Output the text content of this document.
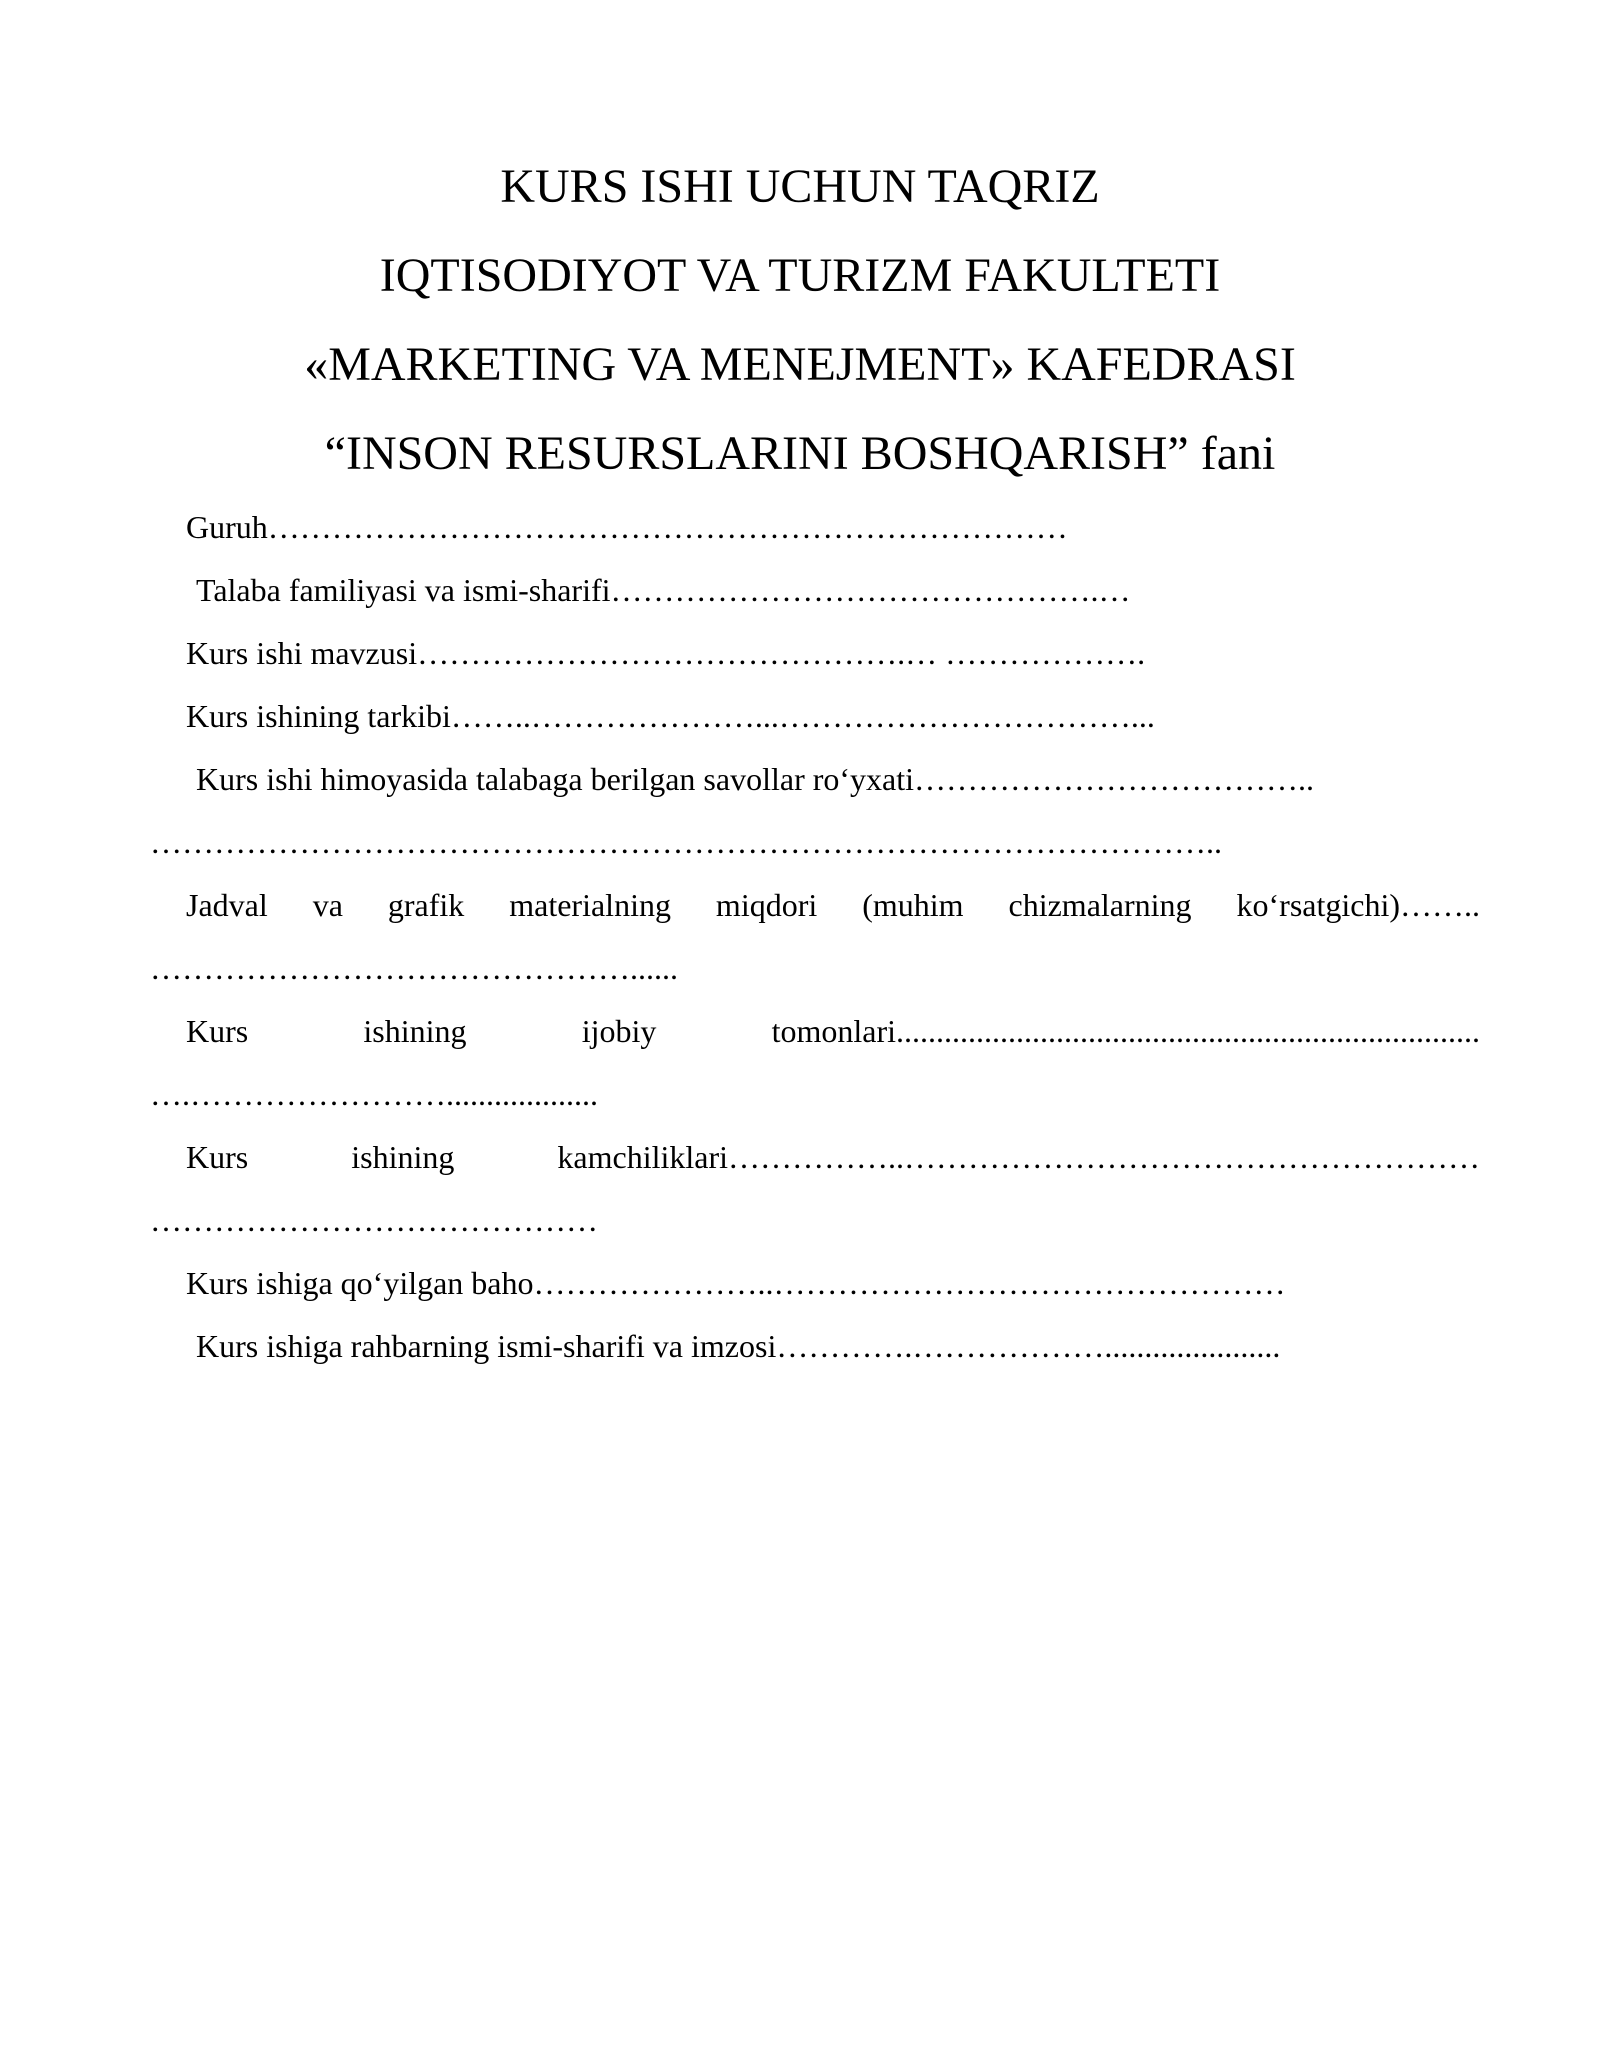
KURS ISHI UCHUN TAQRIZ
IQTISODIYOT VA TURIZM FAKULTETI
«MARKETING VA MENEJMENT» KAFEDRASI
“INSON RESURSLARINI BOSHQARISH” fani
Guruh…………………………………………………………………
Talaba familiyasi va ismi-sharifi……………………………………….…
Kurs ishi mavzusi……………………………………….… ……………….
Kurs ishining tarkibi……..…………………...……………………………...
Kurs ishi himoyasida talabaga berilgan savollar ro‘yxati………………………………..
………………………………………………………………………………………..
Jadval va grafik materialning miqdori (muhim chizmalarning ko‘rsatgichi)……..
………………………………………......
Kurs ishining ijobiy tomonlari.........................................................................
….……………………...................
Kurs ishining kamchiliklari……………..………………………………………………
……………………………………
Kurs ishiga qo‘yilgan baho…………………..…………………………………………
Kurs ishiga rahbarning ismi-sharifi va imzosi………….………………......................
